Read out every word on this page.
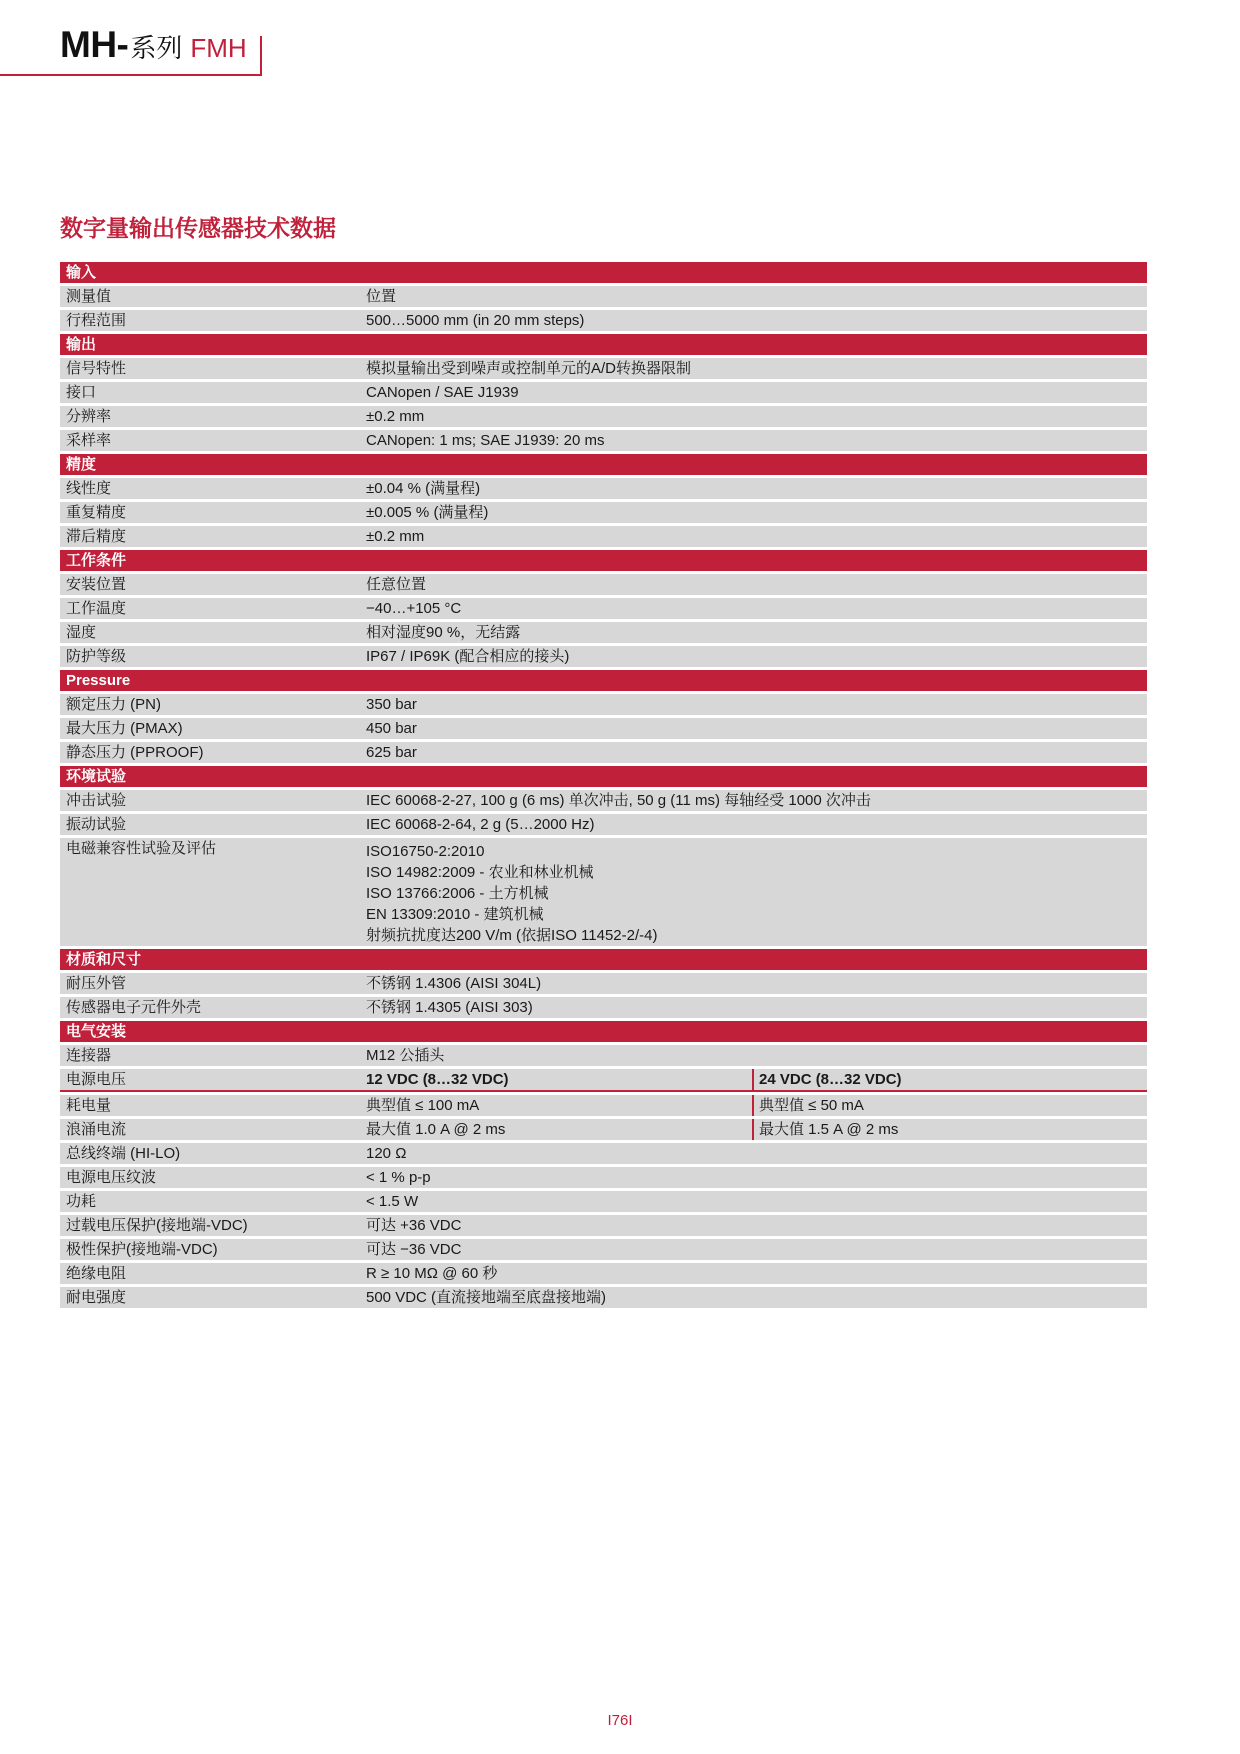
MH- 系列 FMH
数字量输出传感器技术数据
输入
测量值	位置
行程范围	500…5000 mm (in 20 mm steps)
输出
信号特性	模拟量输出受到噪声或控制单元的A/D转换器限制
接口	CANopen / SAE J1939
分辨率	±0.2 mm
采样率	CANopen: 1 ms; SAE J1939: 20 ms
精度
线性度	±0.04 % (满量程)
重复精度	±0.005 % (满量程)
滞后精度	±0.2 mm
工作条件
安装位置	任意位置
工作温度	−40…+105 °C
湿度	相对湿度90 %，无结露
防护等级	IP67 / IP69K (配合相应的接头)
Pressure
额定压力 (PN)	350 bar
最大压力 (PMAX)	450 bar
静态压力 (PPROOF)	625 bar
环境试验
冲击试验	IEC 60068-2-27, 100 g (6 ms) 单次冲击, 50 g (11 ms) 每轴经受 1000 次冲击
振动试验	IEC 60068-2-64, 2 g (5…2000 Hz)
电磁兼容性试验及评估	ISO16750-2:2010
ISO 14982:2009 - 农业和林业机械
ISO 13766:2006 - 土方机械
EN 13309:2010 - 建筑机械
射频抗扰度达200 V/m (依据ISO 11452-2/-4)
材质和尺寸
耐压外管	不锈钢 1.4306 (AISI 304L)
传感器电子元件外壳	不锈钢 1.4305 (AISI 303)
电气安装
连接器	M12 公插头
电源电压	12 VDC (8…32 VDC)	24 VDC (8…32 VDC)
耗电量	典型值 ≤ 100 mA	典型值 ≤ 50 mA
浪涌电流	最大值 1.0 A @ 2 ms	最大值 1.5 A @ 2 ms
总线终端 (HI-LO)	120 Ω
电源电压纹波	< 1 % p-p
功耗	< 1.5 W
过载电压保护(接地端-VDC)	可达 +36 VDC
极性保护(接地端-VDC)	可达 −36 VDC
绝缘电阻	R ≥ 10 MΩ @ 60 秒
耐电强度	500 VDC (直流接地端至底盘接地端)
I76I
